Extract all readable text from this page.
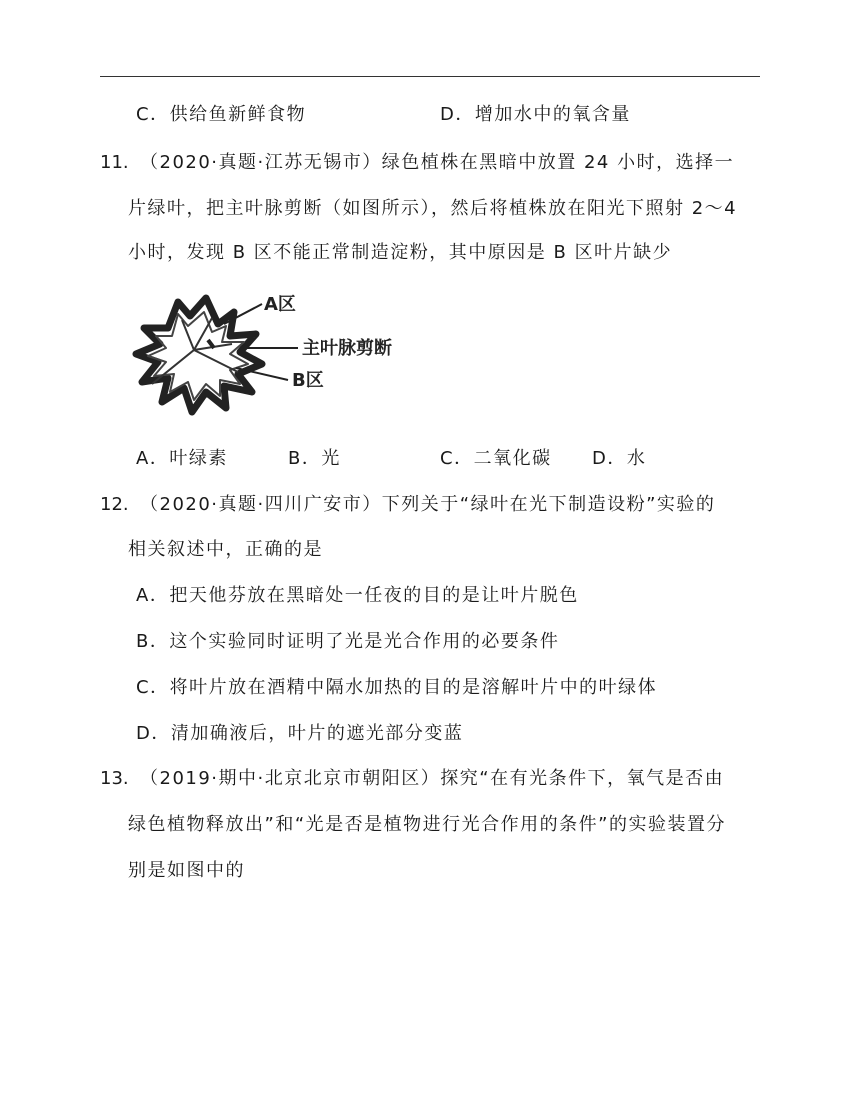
C．供给鱼新鲜食物	D．增加水中的氧含量
11. （2020·真题·江苏无锡市）绿色植株在黑暗中放置 24 小时，选择一
片绿叶，把主叶脉剪断（如图所示），然后将植株放在阳光下照射 2～4
小时，发现 B 区不能正常制造淀粉，其中原因是 B 区叶片缺少
A区
主叶脉剪断
B区
A．叶绿素	B．光	C．二氧化碳 D．水
12. （2020·真题·四川广安市）下列关于“绿叶在光下制造设粉”实验的
相关叙述中，正确的是
A．把天他芬放在黑暗处一任夜的目的是让叶片脱色
B．这个实验同时证明了光是光合作用的必要条件
C．将叶片放在酒精中隔水加热的目的是溶解叶片中的叶绿体
D．清加确液后，叶片的遮光部分变蓝
13. （2019·期中·北京北京市朝阳区）探究“在有光条件下，氧气是否由
绿色植物释放出”和“光是否是植物进行光合作用的条件”的实验装置分
别是如图中的
